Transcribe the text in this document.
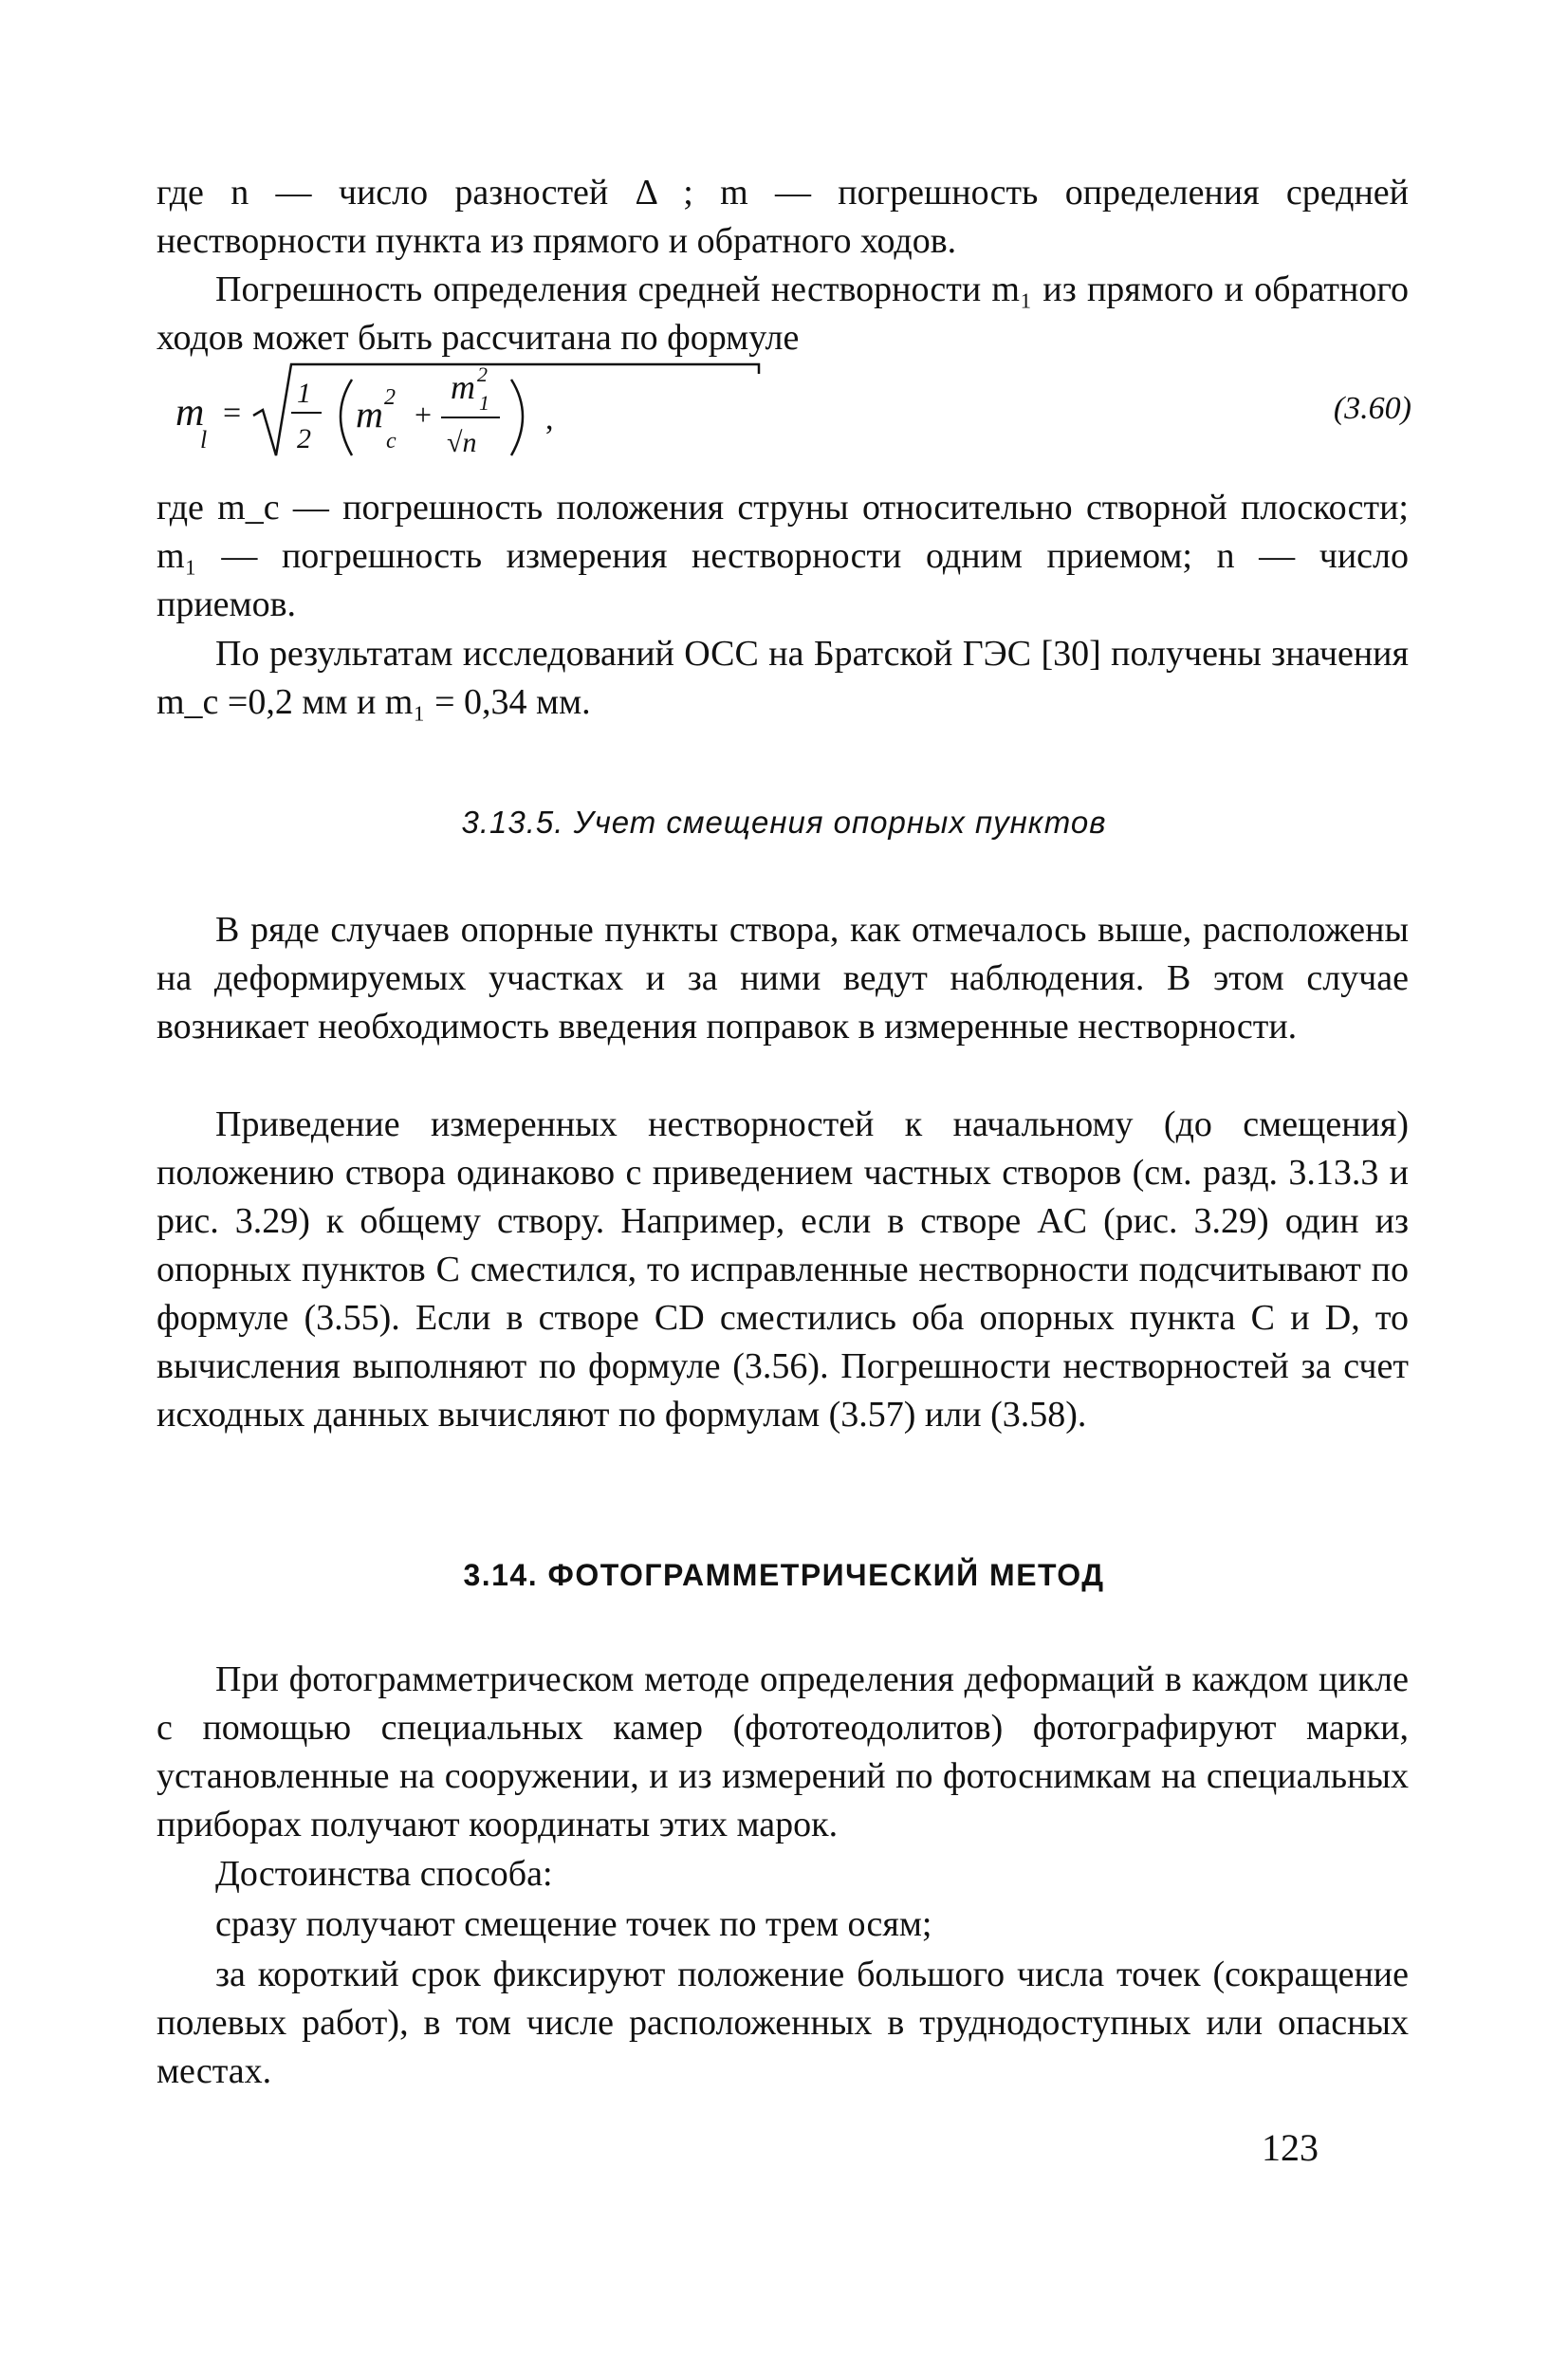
где n — число разностей Δ ; m — погрешность определения средней нестворности пункта из прямого и обратного ходов.

Погрешность определения средней нестворности m₁ из прямого и обратного ходов может быть рассчитана по формуле

m
l
=
1
2
m 2
c
+
m 2
1
√n
,	(3.60)

где m_c — погрешность положения струны относительно створной плоскости; m₁ — погрешность измерения нестворности одним приемом; n — число приемов.

По результатам исследований ОСС на Братской ГЭС [30] получены значения m_c =0,2 мм и m₁ = 0,34 мм.

3.13.5. Учет смещения опорных пунктов

В ряде случаев опорные пункты створа, как отмечалось выше, расположены на деформируемых участках и за ними ведут наблюдения. В этом случае возникает необходимость введения поправок в измеренные нестворности.

Приведение измеренных нестворностей к начальному (до смещения) положению створа одинаково с приведением частных створов (см. разд. 3.13.3 и рис. 3.29) к общему створу. Например, если в створе AC (рис. 3.29) один из опорных пунктов C сместился, то исправленные нестворности подсчитывают по формуле (3.55). Если в створе CD сместились оба опорных пункта C и D, то вычисления выполняют по формуле (3.56). Погрешности нестворностей за счет исходных данных вычисляют по формулам (3.57) или (3.58).

3.14. ФОТОГРАММЕТРИЧЕСКИЙ МЕТОД

При фотограмметрическом методе определения деформаций в каждом цикле с помощью специальных камер (фототеодолитов) фотографируют марки, установленные на сооружении, и из измерений по фотоснимкам на специальных приборах получают координаты этих марок.

Достоинства способа:

сразу получают смещение точек по трем осям;

за короткий срок фиксируют положение большого числа точек (сокращение полевых работ), в том числе расположенных в труднодоступных или опасных местах.

123
